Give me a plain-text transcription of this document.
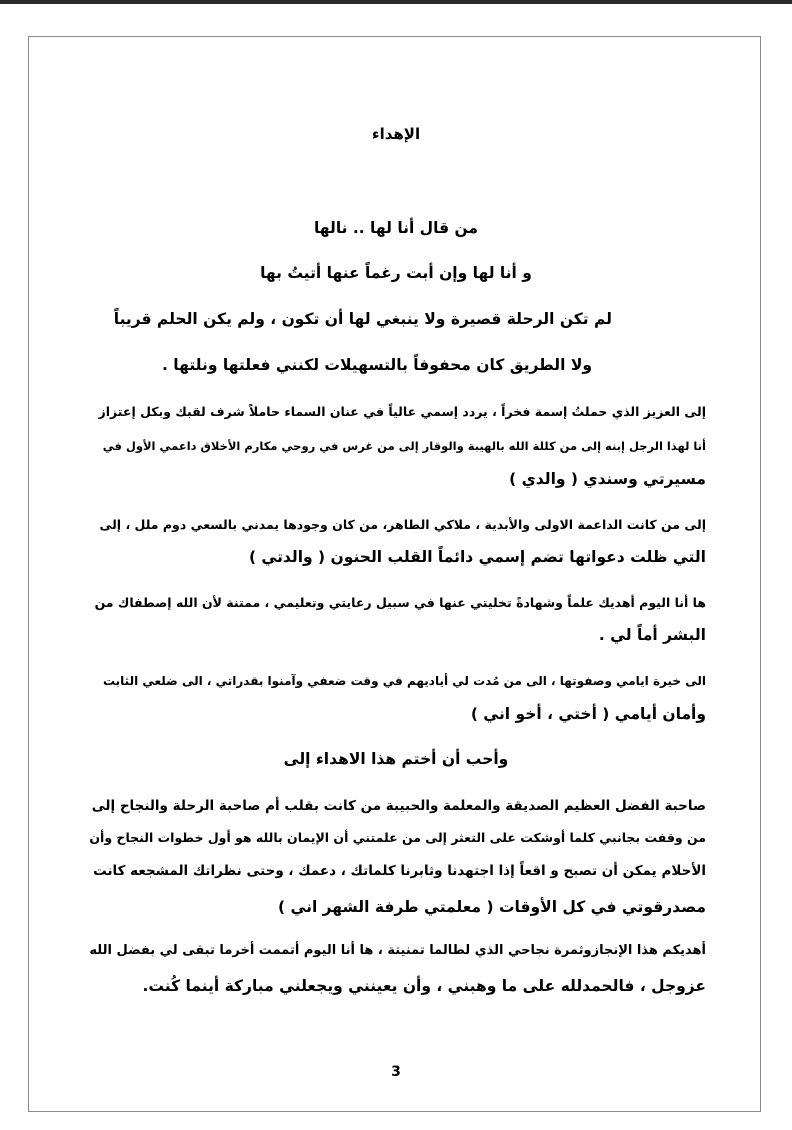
الإهداء
من قال أنا لها .. نالها
و أنا لها وإن أبت رغماً عنها أتيتُ بها
لم تكن الرحلة قصيرة ولا ينبغي لها أن تكون ، ولم يكن الحلم قريباً
ولا الطريق كان محفوفاً بالتسهيلات لكنني فعلتها ونلتها .
إلى العزيز الذي حملتُ إسمة فخراً ، يردد إسمي عالياً في عنان السماء حاملاً شرف لقبك وبكل إعتزاز
أنا لهذا الرجل إبنه إلى من كللة الله بالهيبة والوقار إلى من غرس في روحي مكارم الأخلاق داعمي الأول في
مسيرتي وسندي ( والدي )
إلى من كانت الداعمة الاولى والأبدية ، ملاكي الطاهر، من كان وجودها يمدني بالسعي دوم ملل ، إلى
التي ظلت دعواتها تضم إسمي دائماً القلب الحنون ( والدتي )
ها أنا اليوم أهديك علماً وشهادةً تخليتي عنها في سبيل رعايتي وتعليمي ، ممتنة لأن الله إصطفاك من
البشر أماً لي .
الى خيرة ايامي وصفوتها ، الى من مُدت لي أياديهم في وقت ضعفي وآمنوا بقدراتي ، الى ضلعي الثابت
وأمان أيامي ( أختي ، أخو اني )
وأحب أن أختم هذا الاهداء إلى
صاحبة الفضل العظيم الصديقة والمعلمة والحبيبة من كانت بقلب أم صاحبة الرحلة والنجاح إلى
من وقفت بجانبي كلما أوشكت على التعثر إلى من علمتني أن الإيمان بالله هو أول خطوات النجاح وأن
الأحلام يمكن أن تصبح و اقعاً إذا اجتهدنا وثابرنا كلماتك ، دعمك ، وحتى نظراتك المشجعه كانت
مصدرقوتي في كل الأوقات ( معلمتي طرفة الشهر اني )
أهديكم هذا الإنجازوثمرة نجاحي الذي لطالما تمنيتة ، ها أنا اليوم أتممت أخرما تبقى لي بفضل الله
عزوجل ، فالحمدلله على ما وهبني ، وأن يعينني ويجعلني مباركة أينما كُنت.
3
